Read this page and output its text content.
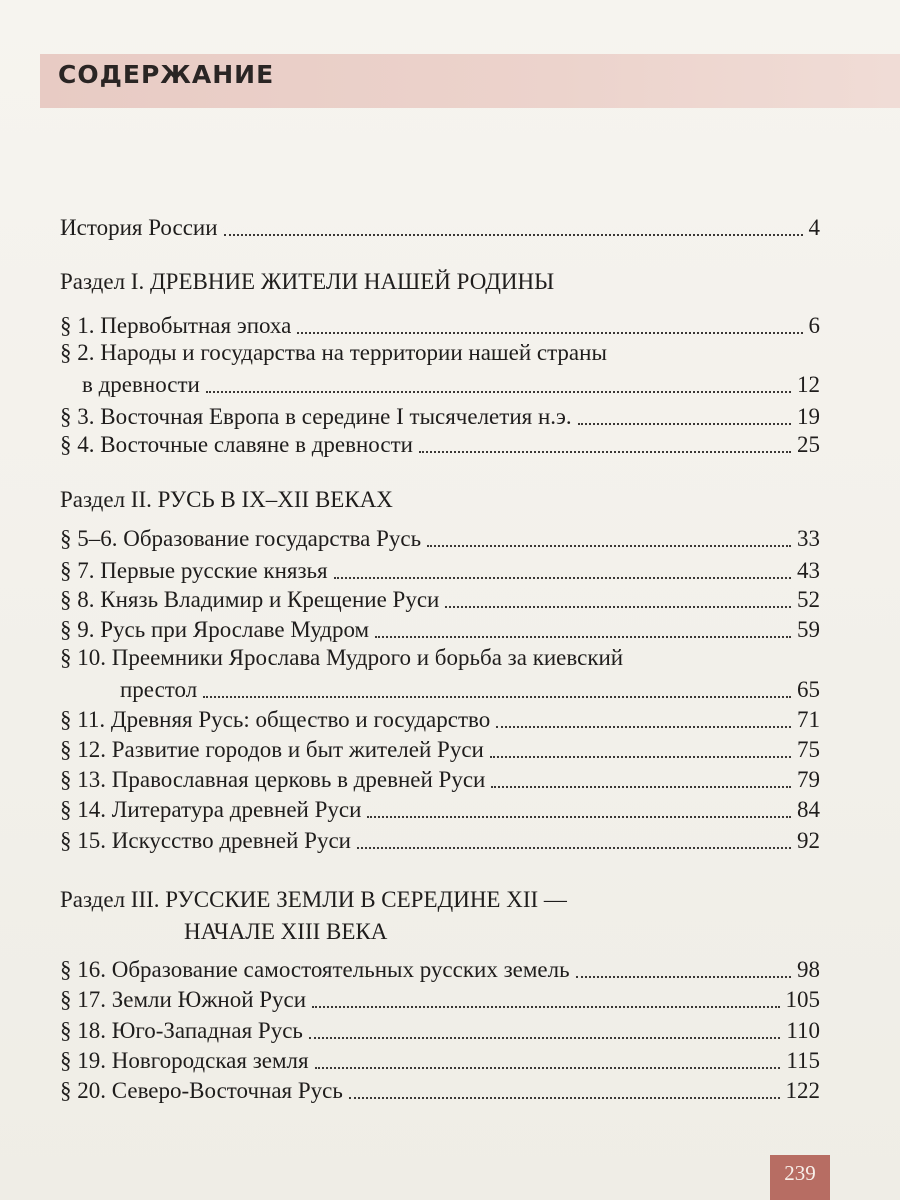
СОДЕРЖАНИЕ
История России	4
Раздел I. ДРЕВНИЕ ЖИТЕЛИ НАШЕЙ РОДИНЫ
§ 1. Первобытная эпоха	6
§ 2. Народы и государства на территории нашей страны
в древности	12
§ 3. Восточная Европа в середине I тысячелетия н.э.	19
§ 4. Восточные славяне в древности	25
Раздел II. РУСЬ В IX–XII ВЕКАХ
§ 5–6. Образование государства Русь	33
§ 7. Первые русские князья	43
§ 8. Князь Владимир и Крещение Руси	52
§ 9. Русь при Ярославе Мудром	59
§ 10. Преемники Ярослава Мудрого и борьба за киевский
престол	65
§ 11. Древняя Русь: общество и государство	71
§ 12. Развитие городов и быт жителей Руси	75
§ 13. Православная церковь в древней Руси	79
§ 14. Литература древней Руси	84
§ 15. Искусство древней Руси	92
Раздел III. РУССКИЕ ЗЕМЛИ В СЕРЕДИНЕ XII —
НАЧАЛЕ XIII ВЕКА
§ 16. Образование самостоятельных русских земель	98
§ 17. Земли Южной Руси	105
§ 18. Юго-Западная Русь	110
§ 19. Новгородская земля	115
§ 20. Северо-Восточная Русь	122
239
